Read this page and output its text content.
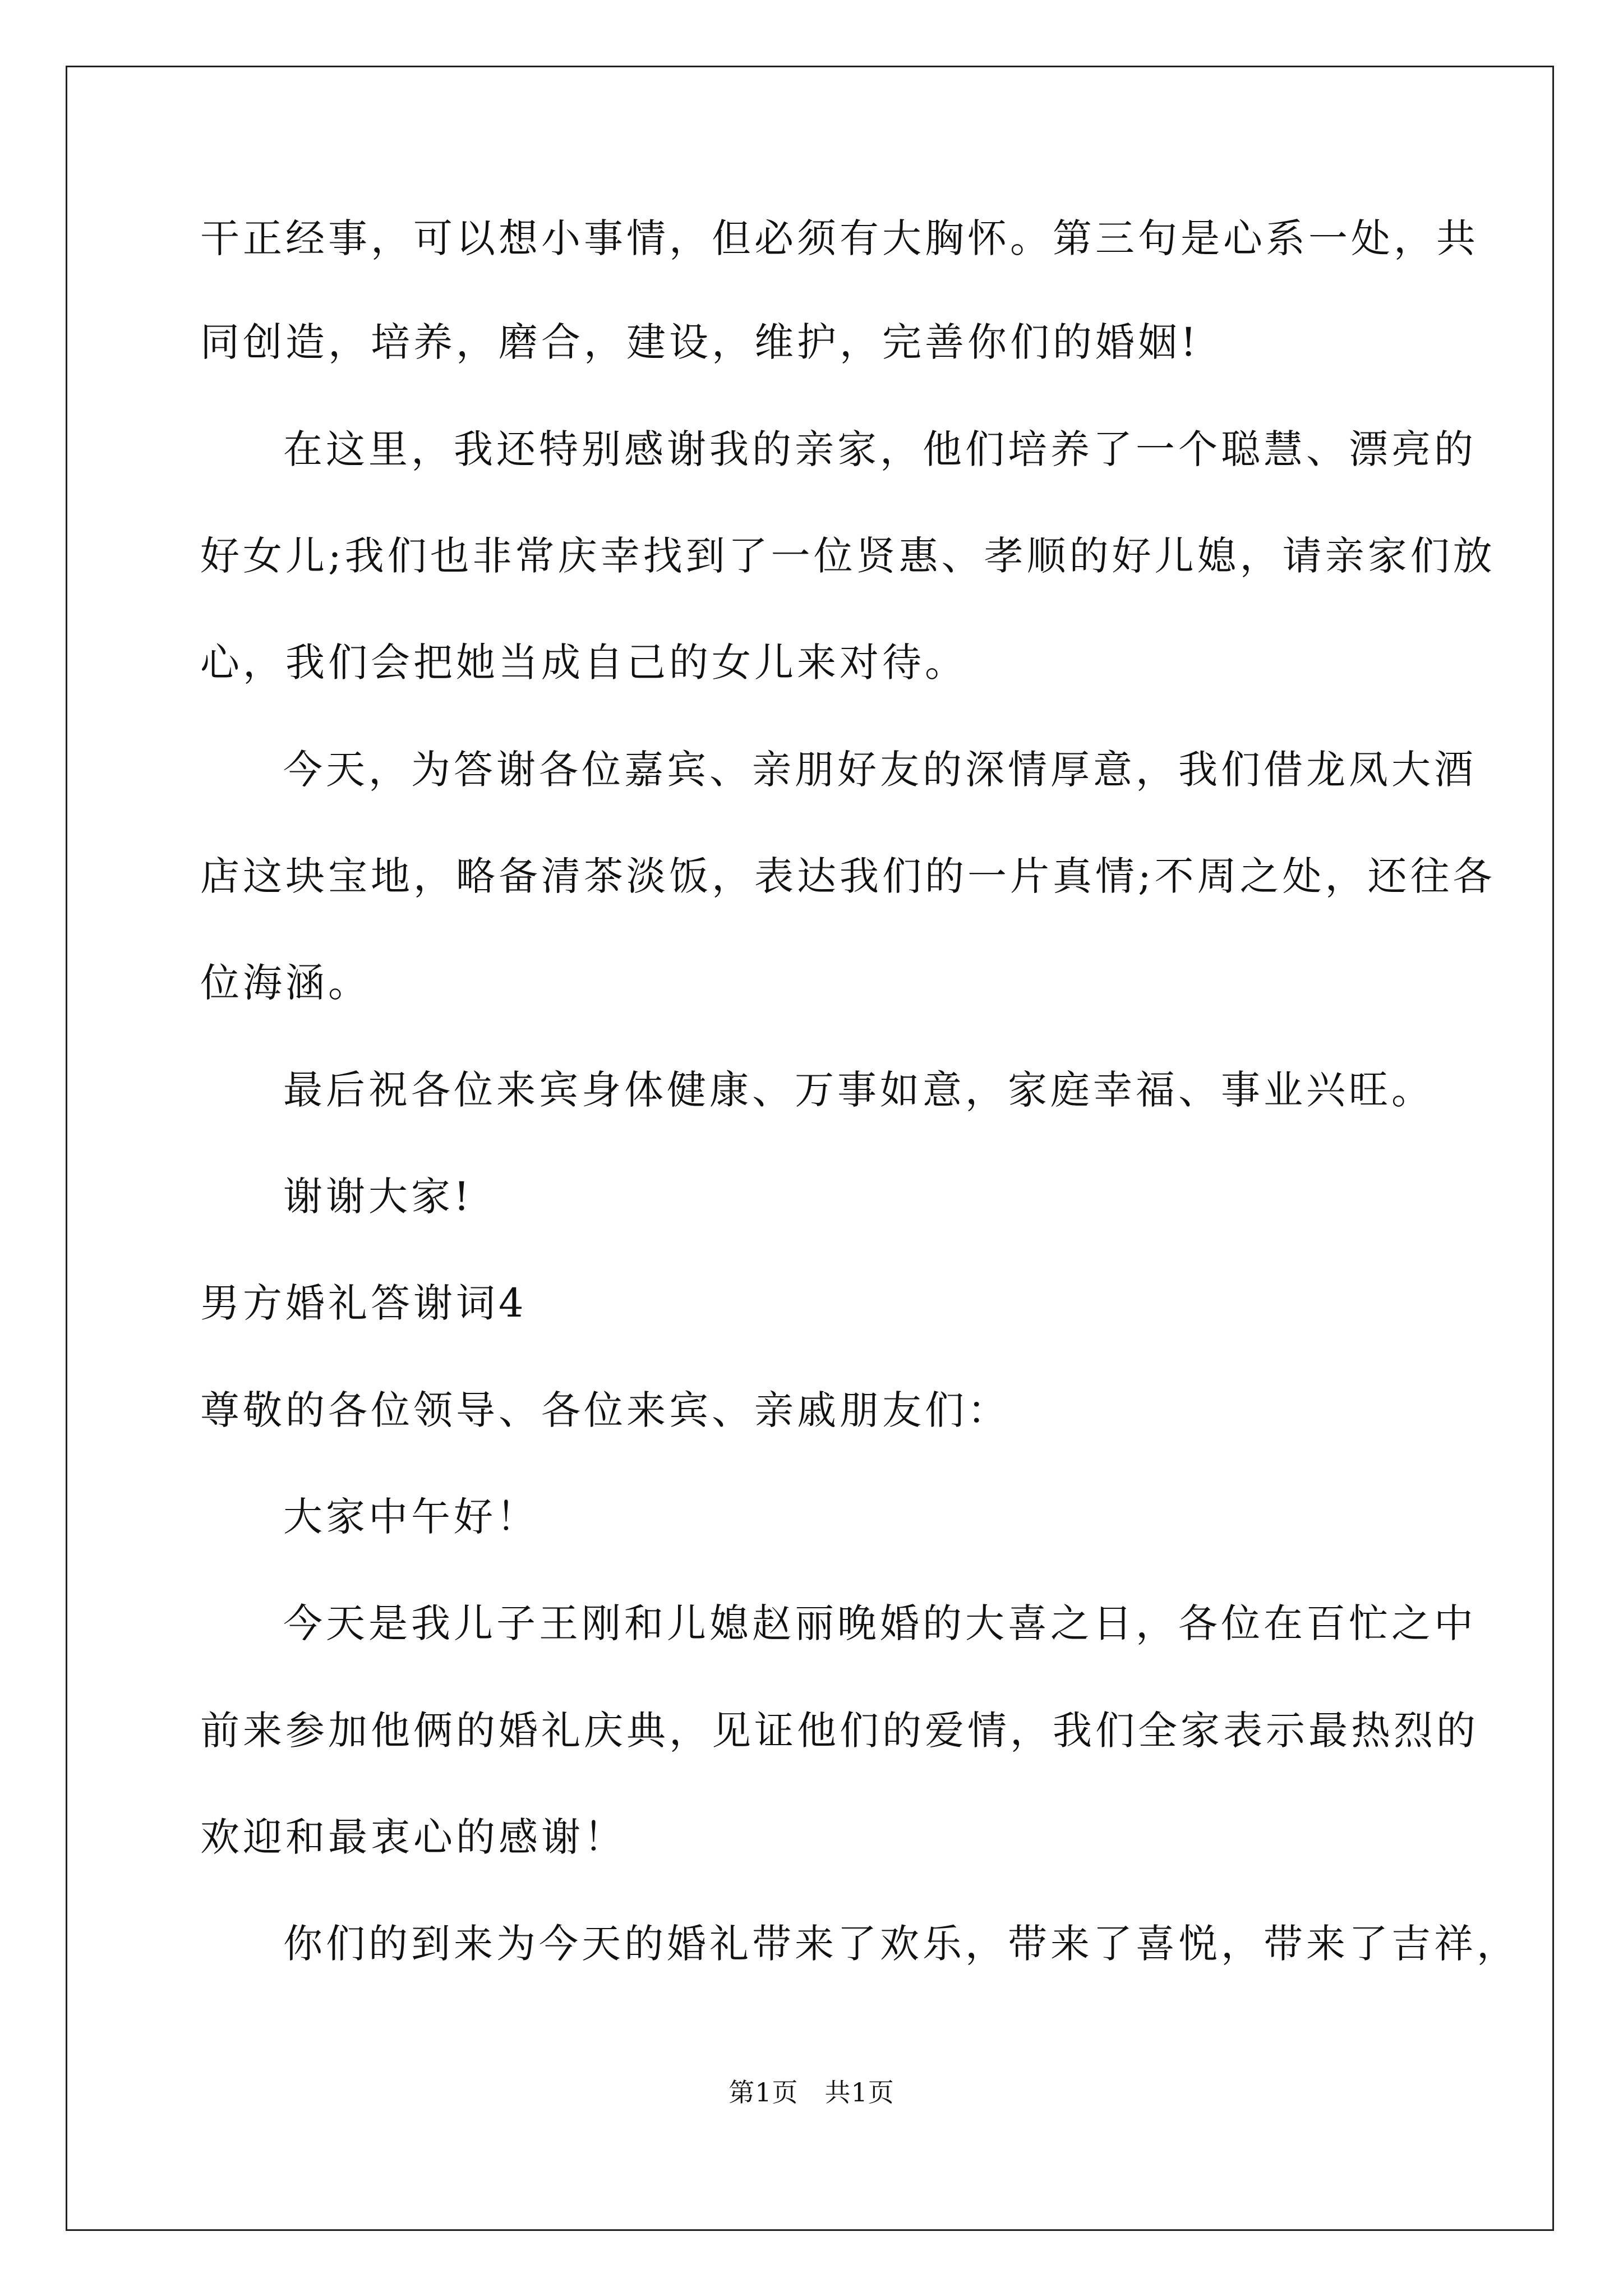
干正经事，可以想小事情，但必须有大胸怀。第三句是心系一处，共
同创造，培养，磨合，建设，维护，完善你们的婚姻!
在这里，我还特别感谢我的亲家，他们培养了一个聪慧、漂亮的
好女儿;我们也非常庆幸找到了一位贤惠、孝顺的好儿媳，请亲家们放
心，我们会把她当成自己的女儿来对待。
今天，为答谢各位嘉宾、亲朋好友的深情厚意，我们借龙凤大酒
店这块宝地，略备清茶淡饭，表达我们的一片真情;不周之处，还往各
位海涵。
最后祝各位来宾身体健康、万事如意，家庭幸福、事业兴旺。
谢谢大家!
男方婚礼答谢词4
尊敬的各位领导、各位来宾、亲戚朋友们：
大家中午好！
今天是我儿子王刚和儿媳赵丽晚婚的大喜之日，各位在百忙之中
前来参加他俩的婚礼庆典，见证他们的爱情，我们全家表示最热烈的
欢迎和最衷心的感谢！
你们的到来为今天的婚礼带来了欢乐，带来了喜悦，带来了吉祥，
第1页　共1页
